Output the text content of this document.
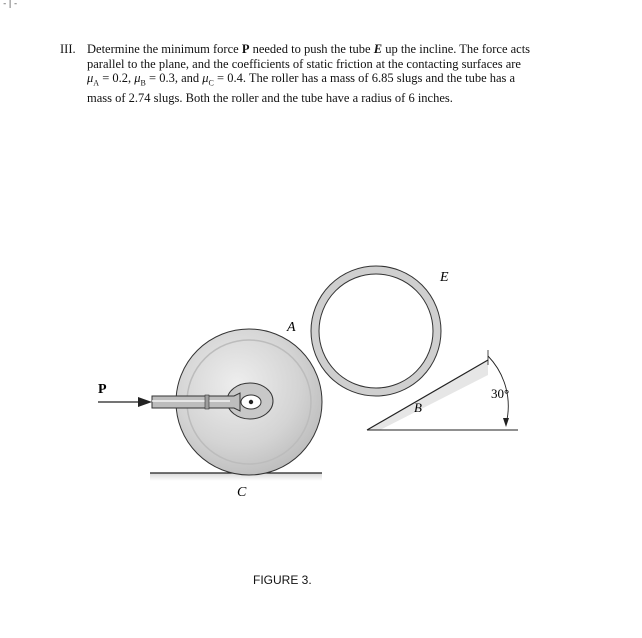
-|-
III. Determine the minimum force P needed to push the tube E up the incline. The force acts
parallel to the plane, and the coefficients of static friction at the contacting surfaces are
$\mu_A = 0.2$, $\mu_B = 0.3$, and $\mu_C = 0.4$. The roller has a mass of 6.85 slugs and the tube has a
mass of 2.74 slugs. Both the roller and the tube have a radius of 6 inches.
30°
P
A
E
B
C
FIGURE 3.
